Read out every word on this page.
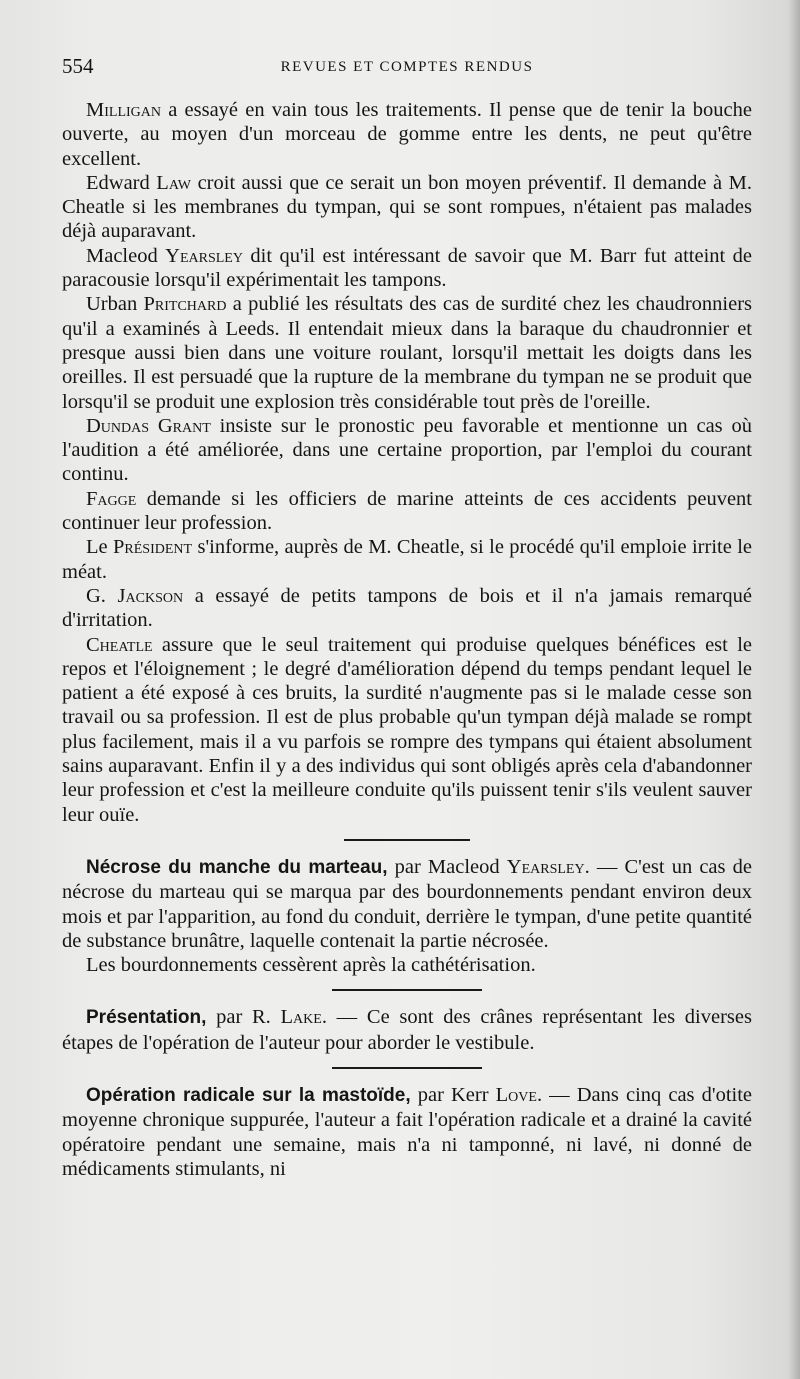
554	REVUES ET COMPTES RENDUS

Milligan a essayé en vain tous les traitements. Il pense que de tenir la bouche ouverte, au moyen d'un morceau de gomme entre les dents, ne peut qu'être excellent.

Edward Law croit aussi que ce serait un bon moyen préventif. Il demande à M. Cheatle si les membranes du tympan, qui se sont rompues, n'étaient pas malades déjà auparavant.

Macleod Yearsley dit qu'il est intéressant de savoir que M. Barr fut atteint de paracousie lorsqu'il expérimentait les tampons.

Urban Pritchard a publié les résultats des cas de surdité chez les chaudronniers qu'il a examinés à Leeds. Il entendait mieux dans la baraque du chaudronnier et presque aussi bien dans une voiture roulant, lorsqu'il mettait les doigts dans les oreilles. Il est persuadé que la rupture de la membrane du tympan ne se produit que lorsqu'il se produit une explosion très considérable tout près de l'oreille.

Dundas Grant insiste sur le pronostic peu favorable et mentionne un cas où l'audition a été améliorée, dans une certaine proportion, par l'emploi du courant continu.

Fagge demande si les officiers de marine atteints de ces accidents peuvent continuer leur profession.

Le Président s'informe, auprès de M. Cheatle, si le procédé qu'il emploie irrite le méat.

G. Jackson a essayé de petits tampons de bois et il n'a jamais remarqué d'irritation.

Cheatle assure que le seul traitement qui produise quelques bénéfices est le repos et l'éloignement ; le degré d'amélioration dépend du temps pendant lequel le patient a été exposé à ces bruits, la surdité n'augmente pas si le malade cesse son travail ou sa profession. Il est de plus probable qu'un tympan déjà malade se rompt plus facilement, mais il a vu parfois se rompre des tympans qui étaient absolument sains auparavant. Enfin il y a des individus qui sont obligés après cela d'abandonner leur profession et c'est la meilleure conduite qu'ils puissent tenir s'ils veulent sauver leur ouïe.

Nécrose du manche du marteau, par Macleod Yearsley. — C'est un cas de nécrose du marteau qui se marqua par des bourdonnements pendant environ deux mois et par l'apparition, au fond du conduit, derrière le tympan, d'une petite quantité de substance brunâtre, laquelle contenait la partie nécrosée.

Les bourdonnements cessèrent après la cathétérisation.

Présentation, par R. Lake. — Ce sont des crânes représentant les diverses étapes de l'opération de l'auteur pour aborder le vestibule.

Opération radicale sur la mastoïde, par Kerr Love. — Dans cinq cas d'otite moyenne chronique suppurée, l'auteur a fait l'opération radicale et a drainé la cavité opératoire pendant une semaine, mais n'a ni tamponné, ni lavé, ni donné de médicaments stimulants, ni
